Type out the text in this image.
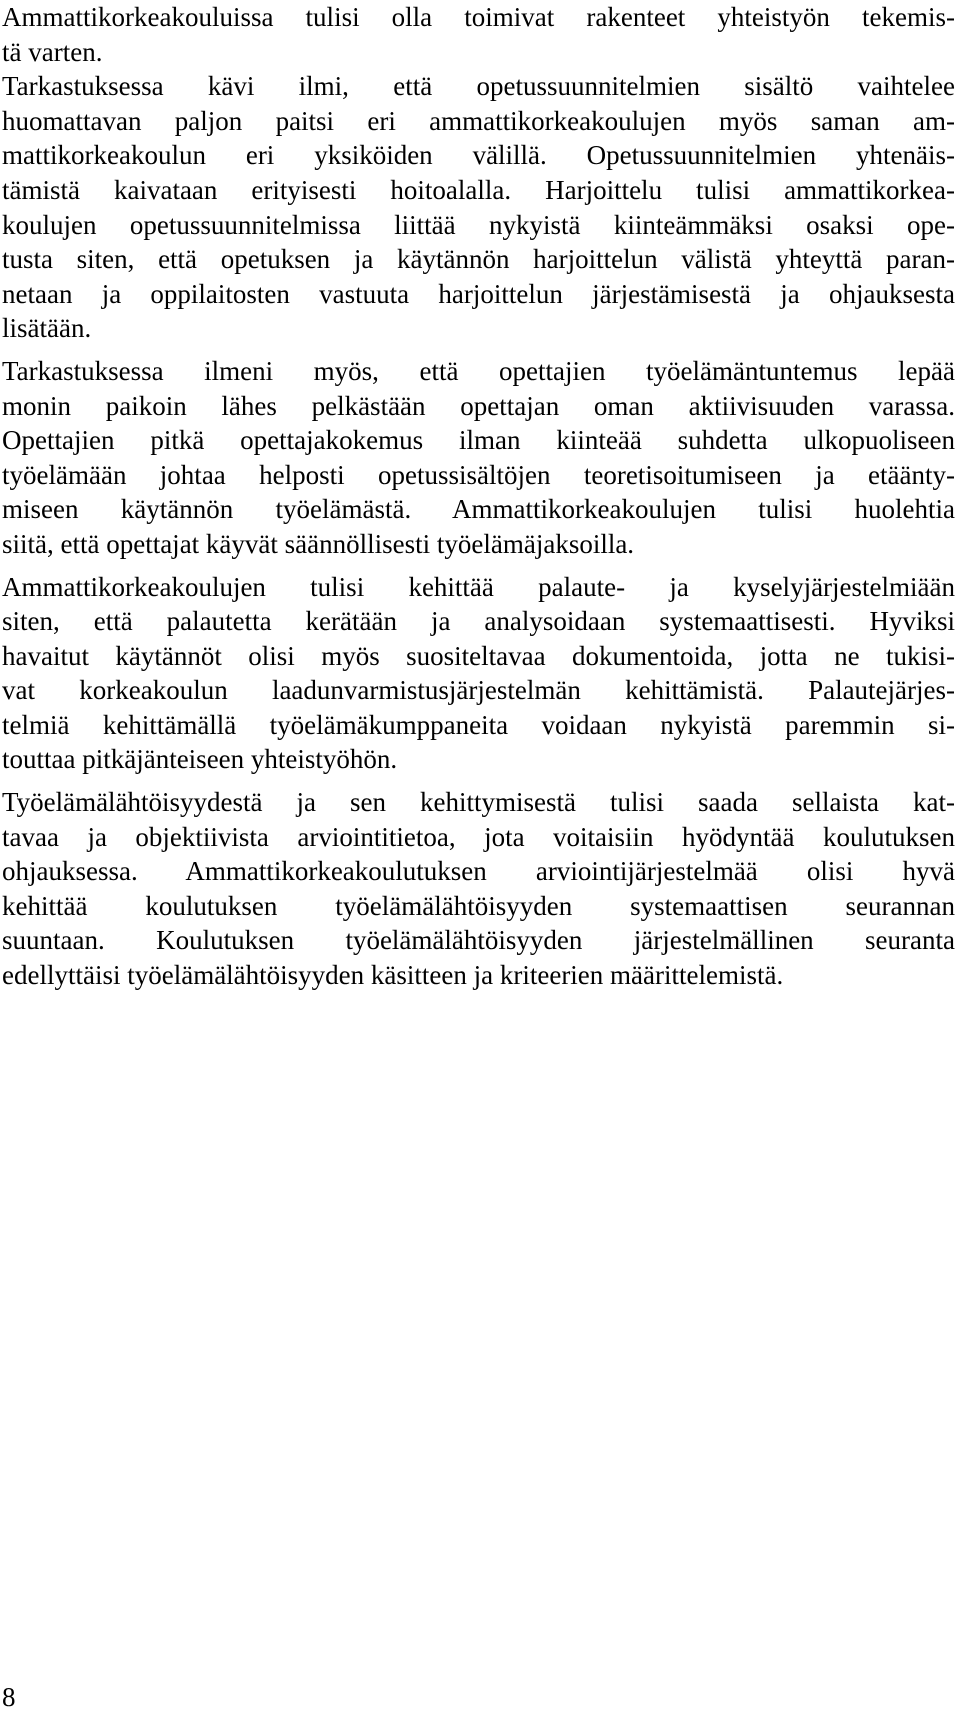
Ammattikorkeakouluissa tulisi olla toimivat rakenteet yhteistyön tekemis-
tä varten.

Tarkastuksessa kävi ilmi, että opetussuunnitelmien sisältö vaihtelee
huomattavan paljon paitsi eri ammattikorkeakoulujen myös saman am-
mattikorkeakoulun eri yksiköiden välillä. Opetussuunnitelmien yhtenäis-
tämistä kaivataan erityisesti hoitoalalla. Harjoittelu tulisi ammattikorkea-
koulujen opetussuunnitelmissa liittää nykyistä kiinteämmäksi osaksi ope-
tusta siten, että opetuksen ja käytännön harjoittelun välistä yhteyttä paran-
netaan ja oppilaitosten vastuuta harjoittelun järjestämisestä ja ohjauksesta
lisätään.

Tarkastuksessa ilmeni myös, että opettajien työelämäntuntemus lepää
monin paikoin lähes pelkästään opettajan oman aktiivisuuden varassa.
Opettajien pitkä opettajakokemus ilman kiinteää suhdetta ulkopuoliseen
työelämään johtaa helposti opetussisältöjen teoretisoitumiseen ja etäänty-
miseen käytännön työelämästä. Ammattikorkeakoulujen tulisi huolehtia
siitä, että opettajat käyvät säännöllisesti työelämäjaksoilla.

Ammattikorkeakoulujen tulisi kehittää palaute- ja kyselyjärjestelmiään
siten, että palautetta kerätään ja analysoidaan systemaattisesti. Hyviksi
havaitut käytännöt olisi myös suositeltavaa dokumentoida, jotta ne tukisi-
vat korkeakoulun laadunvarmistusjärjestelmän kehittämistä. Palautejärjes-
telmiä kehittämällä työelämäkumppaneita voidaan nykyistä paremmin si-
touttaa pitkäjänteiseen yhteistyöhön.

Työelämälähtöisyydestä ja sen kehittymisestä tulisi saada sellaista kat-
tavaa ja objektiivista arviointitietoa, jota voitaisiin hyödyntää koulutuksen
ohjauksessa. Ammattikorkeakoulutuksen arviointijärjestelmää olisi hyvä
kehittää koulutuksen työelämälähtöisyyden systemaattisen seurannan
suuntaan. Koulutuksen työelämälähtöisyyden järjestelmällinen seuranta
edellyttäisi työelämälähtöisyyden käsitteen ja kriteerien määrittelemistä.

8
